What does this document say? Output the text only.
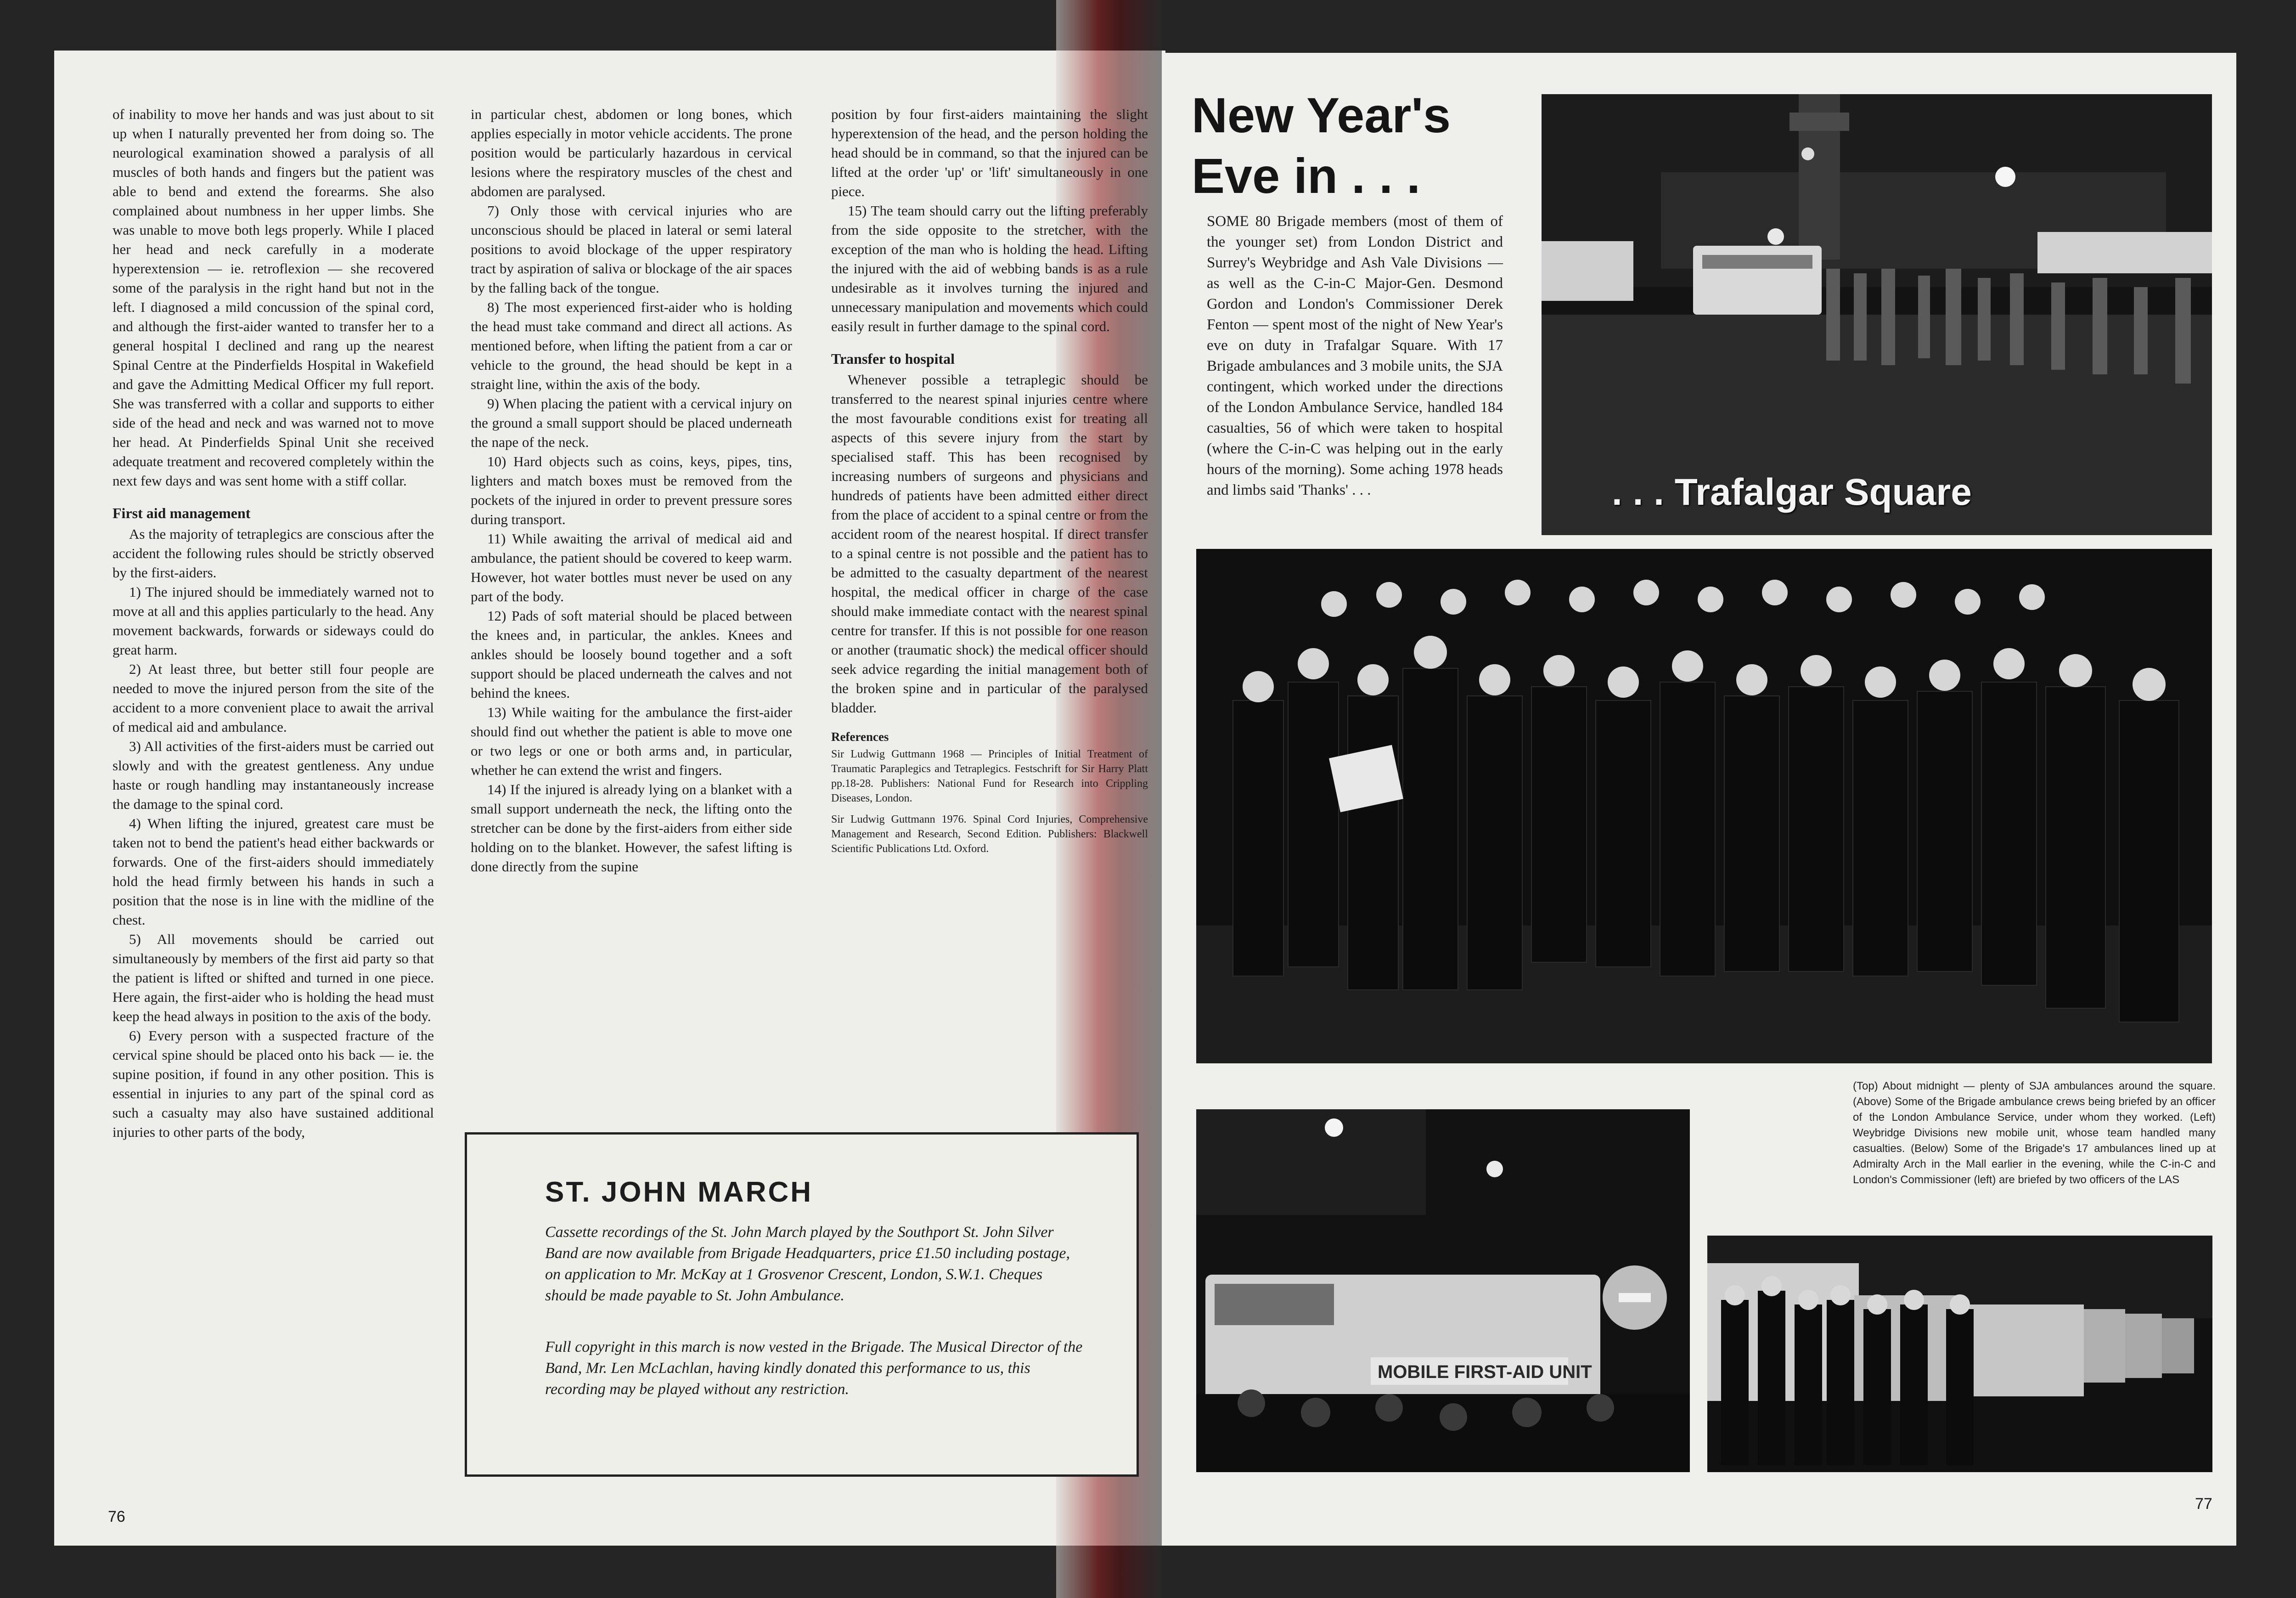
of inability to move her hands and was just about to sit up when I naturally prevented her from doing so. The neurological examination showed a paralysis of all muscles of both hands and fingers but the patient was able to bend and extend the forearms. She also complained about numbness in her upper limbs. She was unable to move both legs properly. While I placed her head and neck carefully in a moderate hyperextension — ie. retroflexion — she recovered some of the paralysis in the right hand but not in the left. I diagnosed a mild concussion of the spinal cord, and although the first-aider wanted to transfer her to a general hospital I declined and rang up the nearest Spinal Centre at the Pinderfields Hospital in Wakefield and gave the Admitting Medical Officer my full report. She was transferred with a collar and supports to either side of the head and neck and was warned not to move her head. At Pinderfields Spinal Unit she received adequate treatment and recovered completely within the next few days and was sent home with a stiff collar.

First aid management

As the majority of tetraplegics are conscious after the accident the following rules should be strictly observed by the first-aiders.

1) The injured should be immediately warned not to move at all and this applies particularly to the head. Any movement backwards, forwards or sideways could do great harm.

2) At least three, but better still four people are needed to move the injured person from the site of the accident to a more convenient place to await the arrival of medical aid and ambulance.

3) All activities of the first-aiders must be carried out slowly and with the greatest gentleness. Any undue haste or rough handling may instantaneously increase the damage to the spinal cord.

4) When lifting the injured, greatest care must be taken not to bend the patient's head either backwards or forwards. One of the first-aiders should immediately hold the head firmly between his hands in such a position that the nose is in line with the midline of the chest.

5) All movements should be carried out simultaneously by members of the first aid party so that the patient is lifted or shifted and turned in one piece. Here again, the first-aider who is holding the head must keep the head always in position to the axis of the body.

6) Every person with a suspected fracture of the cervical spine should be placed onto his back — ie. the supine position, if found in any other position. This is essential in injuries to any part of the spinal cord as such a casualty may also have sustained additional injuries to other parts of the body,

in particular chest, abdomen or long bones, which applies especially in motor vehicle accidents. The prone position would be particularly hazardous in cervical lesions where the respiratory muscles of the chest and abdomen are paralysed.

7) Only those with cervical injuries who are unconscious should be placed in lateral or semi lateral positions to avoid blockage of the upper respiratory tract by aspiration of saliva or blockage of the air spaces by the falling back of the tongue.

8) The most experienced first-aider who is holding the head must take command and direct all actions. As mentioned before, when lifting the patient from a car or vehicle to the ground, the head should be kept in a straight line, within the axis of the body.

9) When placing the patient with a cervical injury on the ground a small support should be placed underneath the nape of the neck.

10) Hard objects such as coins, keys, pipes, tins, lighters and match boxes must be removed from the pockets of the injured in order to prevent pressure sores during transport.

11) While awaiting the arrival of medical aid and ambulance, the patient should be covered to keep warm. However, hot water bottles must never be used on any part of the body.

12) Pads of soft material should be placed between the knees and, in particular, the ankles. Knees and ankles should be loosely bound together and a soft support should be placed underneath the calves and not behind the knees.

13) While waiting for the ambulance the first-aider should find out whether the patient is able to move one or two legs or one or both arms and, in particular, whether he can extend the wrist and fingers.

14) If the injured is already lying on a blanket with a small support underneath the neck, the lifting onto the stretcher can be done by the first-aiders from either side holding on to the blanket. However, the safest lifting is done directly from the supine

position by four first-aiders maintaining the slight hyperextension of the head, and the person holding the head should be in command, so that the injured can be lifted at the order 'up' or 'lift' simultaneously in one piece.

15) The team should carry out the lifting preferably from the side opposite to the stretcher, with the exception of the man who is holding the head. Lifting the injured with the aid of webbing bands is as a rule undesirable as it involves turning the injured and unnecessary manipulation and movements which could easily result in further damage to the spinal cord.

Transfer to hospital

Whenever possible a tetraplegic should be transferred to the nearest spinal injuries centre where the most favourable conditions exist for treating all aspects of this severe injury from the start by specialised staff. This has been recognised by increasing numbers of surgeons and physicians and hundreds of patients have been admitted either direct from the place of accident to a spinal centre or from the accident room of the nearest hospital. If direct transfer to a spinal centre is not possible and the patient has to be admitted to the casualty department of the nearest hospital, the medical officer in charge of the case should make immediate contact with the nearest spinal centre for transfer. If this is not possible for one reason or another (traumatic shock) the medical officer should seek advice regarding the initial management both of the broken spine and in particular of the paralysed bladder.

References

Sir Ludwig Guttmann 1968 — Principles of Initial Treatment of Traumatic Paraplegics and Tetraplegics. Festschrift for Sir Harry Platt pp.18-28. Publishers: National Fund for Research into Crippling Diseases, London.

Sir Ludwig Guttmann 1976. Spinal Cord Injuries, Comprehensive Management and Research, Second Edition. Publishers: Blackwell Scientific Publications Ltd. Oxford.

ST. JOHN MARCH
Cassette recordings of the St. John March played by the Southport St. John Silver Band are now available from Brigade Headquarters, price £1.50 including postage, on application to Mr. McKay at 1 Grosvenor Crescent, London, S.W.1. Cheques should be made payable to St. John Ambulance.
Full copyright in this march is now vested in the Brigade. The Musical Director of the Band, Mr. Len McLachlan, having kindly donated this performance to us, this recording may be played without any restriction.
76
New Year's
Eve in . . .
SOME 80 Brigade members (most of them of the younger set) from London District and Surrey's Weybridge and Ash Vale Divisions — as well as the C-in-C Major-Gen. Desmond Gordon and London's Commissioner Derek Fenton — spent most of the night of New Year's eve on duty in Trafalgar Square. With 17 Brigade ambulances and 3 mobile units, the SJA contingent, which worked under the directions of the London Ambulance Service, handled 184 casualties, 56 of which were taken to hospital (where the C-in-C was helping out in the early hours of the morning). Some aching 1978 heads and limbs said 'Thanks' . . .	. . . Trafalgar Square
MOBILE FIRST-AID UNIT
(Top) About midnight — plenty of SJA ambulances around the square. (Above) Some of the Brigade ambulance crews being briefed by an officer of the London Ambulance Service, under whom they worked. (Left) Weybridge Divisions new mobile unit, whose team handled many casualties. (Below) Some of the Brigade's 17 ambulances lined up at Admiralty Arch in the Mall earlier in the evening, while the C-in-C and London's Commissioner (left) are briefed by two officers of the LAS
77
